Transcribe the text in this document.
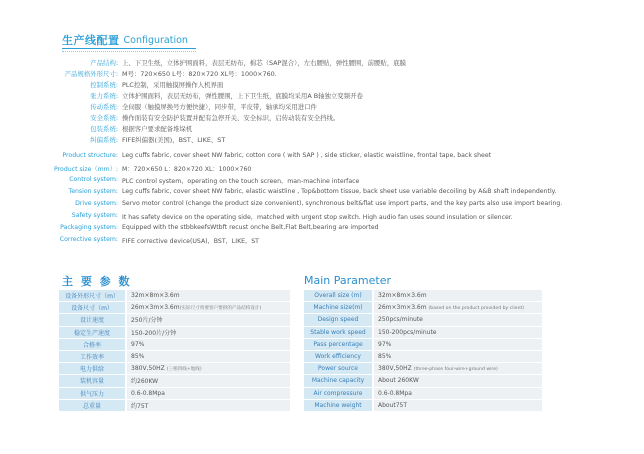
生产线配置 Configuration
产品结构: 上、下卫生纸，立体护围面料，表层无纺布，棉芯（SAP混合），左右腰贴，弹性腰围，前腰贴，底膜
产品规格外形尺寸: M号：720×650 L号：820×720 XL号：1000×760.
控制系统: PLC控制，采用触摸屏操作人机界面
张力系统: 立体护围面料，表层无纺布，弹性腰围，上下卫生纸，底膜均采用A B轴独立变频开卷
传动系统: 全伺服（触摸屏换号方便快捷），同步带，平皮带，轴承均采用进口件
安全系统: 操作面装有安全防护装置并配有急停开关、安全标识，启传动装有安全挡线。
包装系统: 根据客户要求配备堆垛机
纠偏系统: FIFE纠偏器(美国)，BST、LIKE、ST
Product structure: Leg cuffs fabric, cover sheet NW fabric, cotton core ( with SAP ) , side sticker, elastic waistline, frontal tape, back sheet
Product size（mm）: M：720×650 L：820×720 XL：1000×760
Control system: PLC control system，operating on the touch screen，man-machine interface
Tension system: Leg cuffs fabric, cover sheet NW fabric, elastic waistline , Top&bottom tissue, back sheet use variable decoiling by A&B shaft independently.
Drive system: Servo motor control (change the product size convenient), synchronous belt&flat use import parts, and the key parts also use import bearing.
Safety system: It has safety device on the operating side，matched with urgent stop switch. High audio fan uses sound insulation or silencer.
Packaging system: Equipped with the stbbkeefsWtbft recust onche Belt,Flat Belt,bearing are imported
Corrective system: FIFE corrective device(USA)，BST，LIKE，ST
主 要 参 数	Main Parameter
设备外形尺寸（m）		32m×8m×3.6m
设备尺寸（m）		26m×3m×3.6m(实际尺寸将要客户要供的产品结构设计)
设计速度		250片/分钟
稳定生产速度		150-200片/分钟
合格率		97%
工作效率		85%
电力供给		380V,50HZ (三相四线+地线)
装机容量		约260KW
供气压力		0.6-0.8Mpa
总重量		约75T
Overall size (m)		32m×8m×3.6m
Machine size(m)		26m×3m×3.6m (based on the product provided by client)
Design speed		250pcs/minute
Stable work speed		150-200pcs/minute
Pass percentage		97%
Work efficiency		85%
Power source		380V,50HZ (three-phase four-wire+ground wire)
Machine capacity		About 260KW
Air compressure		0.6-0.8Mpa
Machine weight		About75T
